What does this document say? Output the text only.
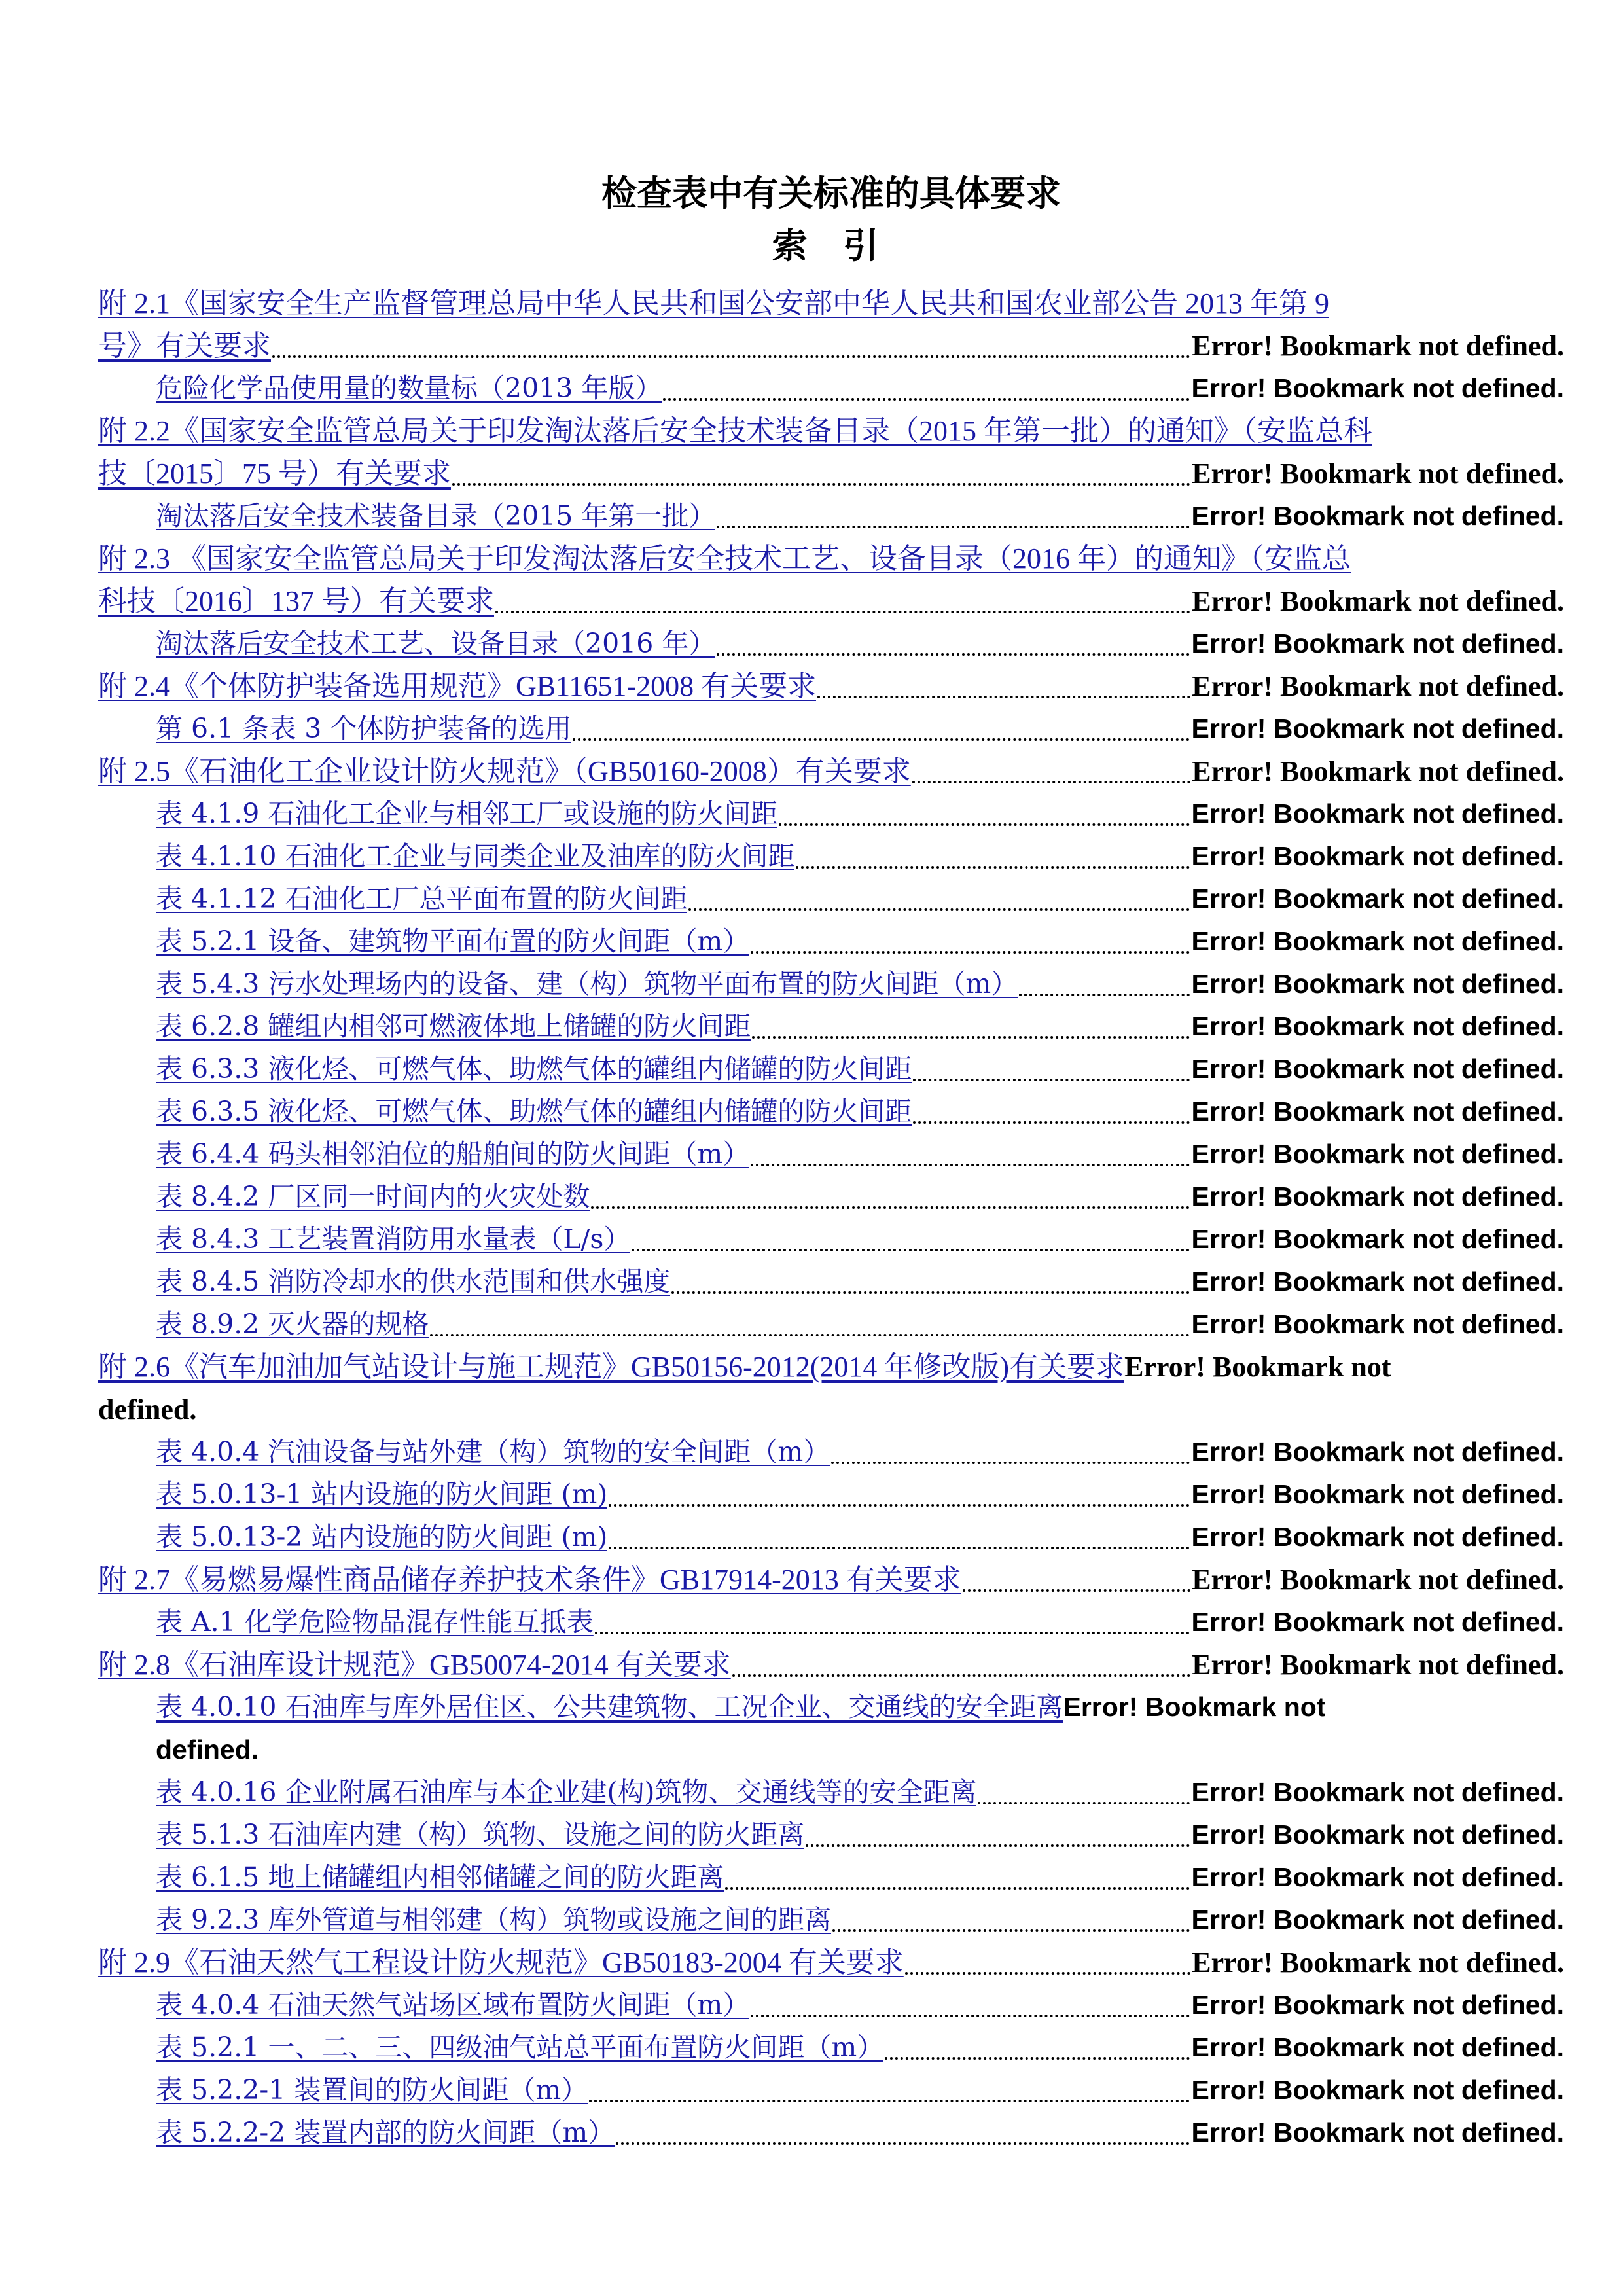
检查表中有关标准的具体要求
索 引
附 2.1《国家安全生产监督管理总局中华人民共和国公安部中华人民共和国农业部公告 2013 年第 9
号》有关要求	Error! Bookmark not defined.
危险化学品使用量的数量标（2013 年版）	Error! Bookmark not defined.
附 2.2《国家安全监管总局关于印发淘汰落后安全技术装备目录（2015 年第一批）的通知》（安监总科
技〔2015〕75 号）有关要求	Error! Bookmark not defined.
淘汰落后安全技术装备目录（2015 年第一批）	Error! Bookmark not defined.
附 2.3 《国家安全监管总局关于印发淘汰落后安全技术工艺、设备目录（2016 年）的通知》（安监总
科技〔2016〕137 号）有关要求	Error! Bookmark not defined.
淘汰落后安全技术工艺、设备目录（2016 年）	Error! Bookmark not defined.
附 2.4《个体防护装备选用规范》GB11651-2008 有关要求	Error! Bookmark not defined.
第 6.1 条表 3 个体防护装备的选用	Error! Bookmark not defined.
附 2.5《石油化工企业设计防火规范》（GB50160-2008）有关要求	Error! Bookmark not defined.
表 4.1.9 石油化工企业与相邻工厂或设施的防火间距	Error! Bookmark not defined.
表 4.1.10 石油化工企业与同类企业及油库的防火间距	Error! Bookmark not defined.
表 4.1.12 石油化工厂总平面布置的防火间距	Error! Bookmark not defined.
表 5.2.1 设备、建筑物平面布置的防火间距（m）	Error! Bookmark not defined.
表 5.4.3 污水处理场内的设备、建（构）筑物平面布置的防火间距（m）	Error! Bookmark not defined.
表 6.2.8 罐组内相邻可燃液体地上储罐的防火间距	Error! Bookmark not defined.
表 6.3.3 液化烃、可燃气体、助燃气体的罐组内储罐的防火间距	Error! Bookmark not defined.
表 6.3.5 液化烃、可燃气体、助燃气体的罐组内储罐的防火间距	Error! Bookmark not defined.
表 6.4.4 码头相邻泊位的船舶间的防火间距（m）	Error! Bookmark not defined.
表 8.4.2 厂区同一时间内的火灾处数	Error! Bookmark not defined.
表 8.4.3 工艺装置消防用水量表（L/s）	Error! Bookmark not defined.
表 8.4.5 消防冷却水的供水范围和供水强度	Error! Bookmark not defined.
表 8.9.2 灭火器的规格	Error! Bookmark not defined.
附 2.6《汽车加油加气站设计与施工规范》GB50156-2012(2014 年修改版)有关要求 Error! Bookmark not
defined.
表 4.0.4 汽油设备与站外建（构）筑物的安全间距（m）	Error! Bookmark not defined.
表 5.0.13-1 站内设施的防火间距 (m)	Error! Bookmark not defined.
表 5.0.13-2 站内设施的防火间距 (m)	Error! Bookmark not defined.
附 2.7《易燃易爆性商品储存养护技术条件》GB17914-2013 有关要求	Error! Bookmark not defined.
表 A.1 化学危险物品混存性能互抵表	Error! Bookmark not defined.
附 2.8《石油库设计规范》GB50074-2014 有关要求	Error! Bookmark not defined.
表 4.0.10 石油库与库外居住区、公共建筑物、工况企业、交通线的安全距离 Error! Bookmark not
defined.
表 4.0.16 企业附属石油库与本企业建(构)筑物、交通线等的安全距离	Error! Bookmark not defined.
表 5.1.3 石油库内建（构）筑物、设施之间的防火距离	Error! Bookmark not defined.
表 6.1.5 地上储罐组内相邻储罐之间的防火距离	Error! Bookmark not defined.
表 9.2.3 库外管道与相邻建（构）筑物或设施之间的距离	Error! Bookmark not defined.
附 2.9《石油天然气工程设计防火规范》GB50183-2004 有关要求	Error! Bookmark not defined.
表 4.0.4 石油天然气站场区域布置防火间距（m）	Error! Bookmark not defined.
表 5.2.1 一、二、三、四级油气站总平面布置防火间距（m）	Error! Bookmark not defined.
表 5.2.2-1 装置间的防火间距（m）	Error! Bookmark not defined.
表 5.2.2-2 装置内部的防火间距（m）	Error! Bookmark not defined.
